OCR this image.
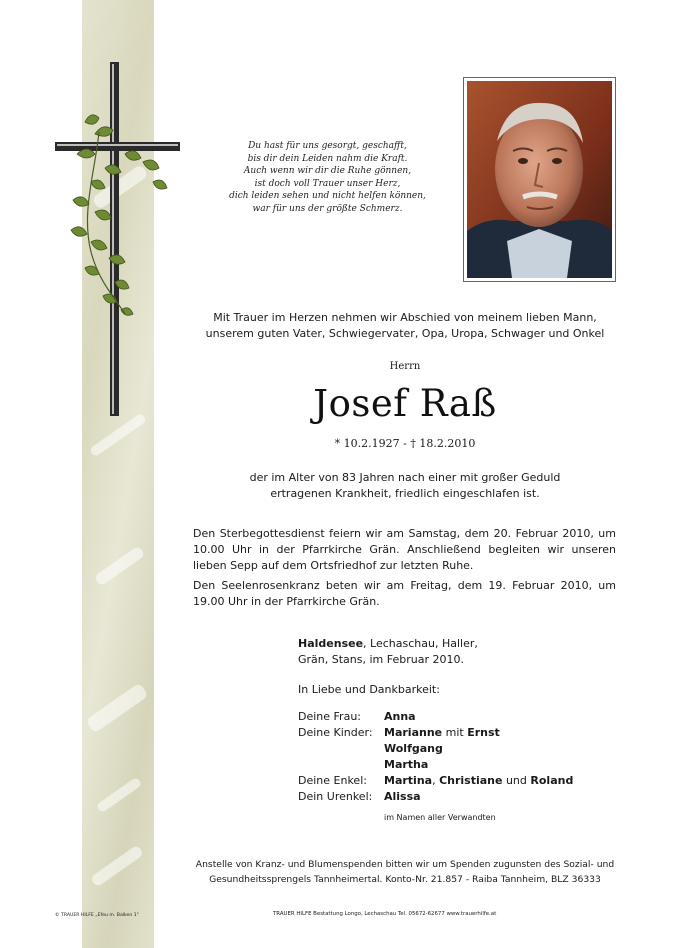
Du hast für uns gesorgt, geschafft,
bis dir dein Leiden nahm die Kraft.
Auch wenn wir dir die Ruhe gönnen,
ist doch voll Trauer unser Herz,
dich leiden sehen und nicht helfen können,
war für uns der größte Schmerz.
Mit Trauer im Herzen nehmen wir Abschied von meinem lieben Mann,
unserem guten Vater, Schwiegervater, Opa, Uropa, Schwager und Onkel
Herrn
Josef Raß
* 10.2.1927 - † 18.2.2010
der im Alter von 83 Jahren nach einer mit großer Geduld
ertragenen Krankheit, friedlich eingeschlafen ist.
Den Sterbegottesdienst feiern wir am Samstag, dem 20. Februar 2010, um 10.00 Uhr in der Pfarrkirche Grän. Anschließend begleiten wir unseren lieben Sepp auf dem Ortsfriedhof zur letzten Ruhe.
Den Seelenrosenkranz beten wir am Freitag, dem 19. Februar 2010, um 19.00 Uhr in der Pfarrkirche Grän.
Haldensee, Lechaschau, Haller,
Grän, Stans, im Februar 2010.
In Liebe und Dankbarkeit:
Deine Frau:	Anna
Deine Kinder:	Marianne mit Ernst
Wolfgang
Martha
Deine Enkel:	Martina, Christiane und Roland
Dein Urenkel:	Alissa
im Namen aller Verwandten
Anstelle von Kranz- und Blumenspenden bitten wir um Spenden zugunsten des Sozial- und
Gesundheitssprengels Tannheimertal. Konto-Nr. 21.857 - Raiba Tannheim, BLZ 36333
© TRAUER HILFE „Efeu m. Balken 1"	TRAUER HILFE Bestattung Longo, Lechaschau Tel. 05672-62677 www.trauerhilfe.at
